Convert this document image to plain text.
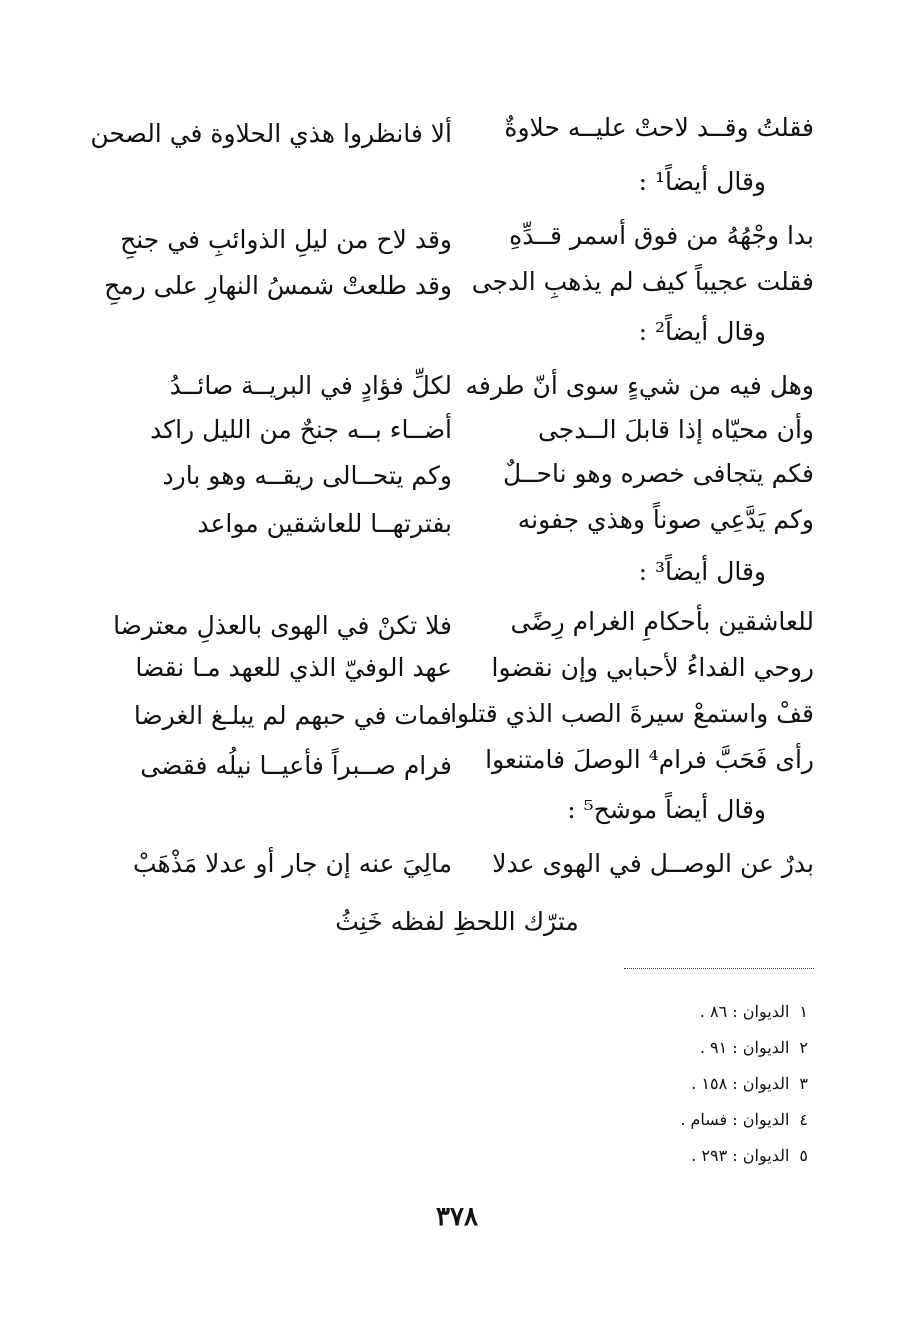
فقلتُ وقــد لاحتْ عليــه حلاوةٌ
ألا فانظروا هذي الحلاوة في الصحن
وقال أيضاً¹ :
بدا وجْهُهُ من فوق أسمر قــدِّهِ
وقد لاح من ليلِ الذوائبِ في جنحِ
فقلت عجيباً كيف لم يذهبِ الدجى
وقد طلعتْ شمسُ النهارِ على رمحِ
وقال أيضاً² :
وهل فيه من شيءٍ سوى أنّ طرفه
لكلِّ فؤادٍ في البريــة صائــدُ
وأن محيّاه إذا قابلَ الــدجى
أضــاء بــه جنحٌ من الليل راكد
فكم يتجافى خصره وهو ناحــلٌ
وكم يتحــالى ريقــه وهو بارد
وكم يَدَّعِي صوناً وهذي جفونه
بفترتهــا للعاشقين مواعد
وقال أيضاً³ :
للعاشقين بأحكامِ الغرام رِضًى
فلا تكنْ في الهوى بالعذلِ معترضا
روحي الفداءُ لأحبابي وإن نقضوا
عهد الوفيّ الذي للعهد مـا نقضا
قفْ واستمعْ سيرةَ الصب الذي قتلوا
فمات في حبهم لم يبلـغ الغرضا
رأى فَحَبَّ فرام⁴ الوصلَ فامتنعوا
فرام صــبراً فأعيــا نيلُه فقضى
وقال أيضاً موشح⁵ :
بدرٌ عن الوصــل في الهوى عدلا
مالِيَ عنه إن جار أو عدلا مَذْهَبْ
مترّك اللحظِ لفظه خَنِثُ
١الديوان : ٨٦ .
٢الديوان : ٩١ .
٣الديوان : ١٥٨ .
٤الديوان : فسام .
٥الديوان : ٢٩٣ .
٣٧٨
